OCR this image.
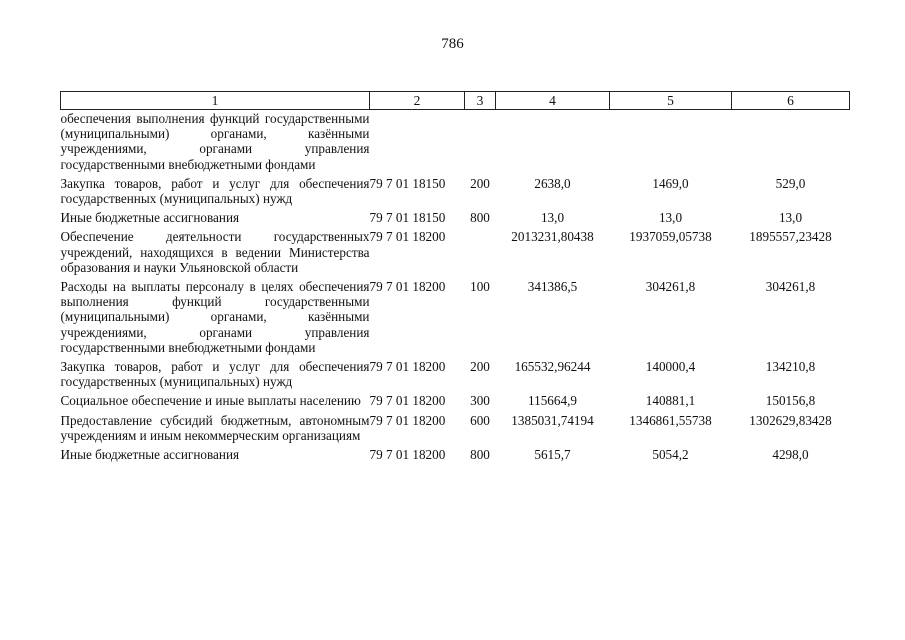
786
1	2	3	4	5	6
обеспечения выполнения функций государственными (муниципальными) органами, казёнными учреждениями, органами управления государственными внебюджетными фондами					
Закупка товаров, работ и услуг для обеспечения государственных (муниципальных) нужд	79 7 01 18150	200	2638,0	1469,0	529,0
Иные бюджетные ассигнования	79 7 01 18150	800	13,0	13,0	13,0
Обеспечение деятельности государственных учреждений, находящихся в ведении Министерства образования и науки Ульяновской области	79 7 01 18200		2013231,80438	1937059,05738	1895557,23428
Расходы на выплаты персоналу в целях обеспечения выполнения функций государственными (муниципальными) органами, казёнными учреждениями, органами управления государственными внебюджетными фондами	79 7 01 18200	100	341386,5	304261,8	304261,8
Закупка товаров, работ и услуг для обеспечения государственных (муниципальных) нужд	79 7 01 18200	200	165532,96244	140000,4	134210,8
Социальное обеспечение и иные выплаты населению	79 7 01 18200	300	115664,9	140881,1	150156,8
Предоставление субсидий бюджетным, автономным учреждениям и иным некоммерческим организациям	79 7 01 18200	600	1385031,74194	1346861,55738	1302629,83428
Иные бюджетные ассигнования	79 7 01 18200	800	5615,7	5054,2	4298,0
